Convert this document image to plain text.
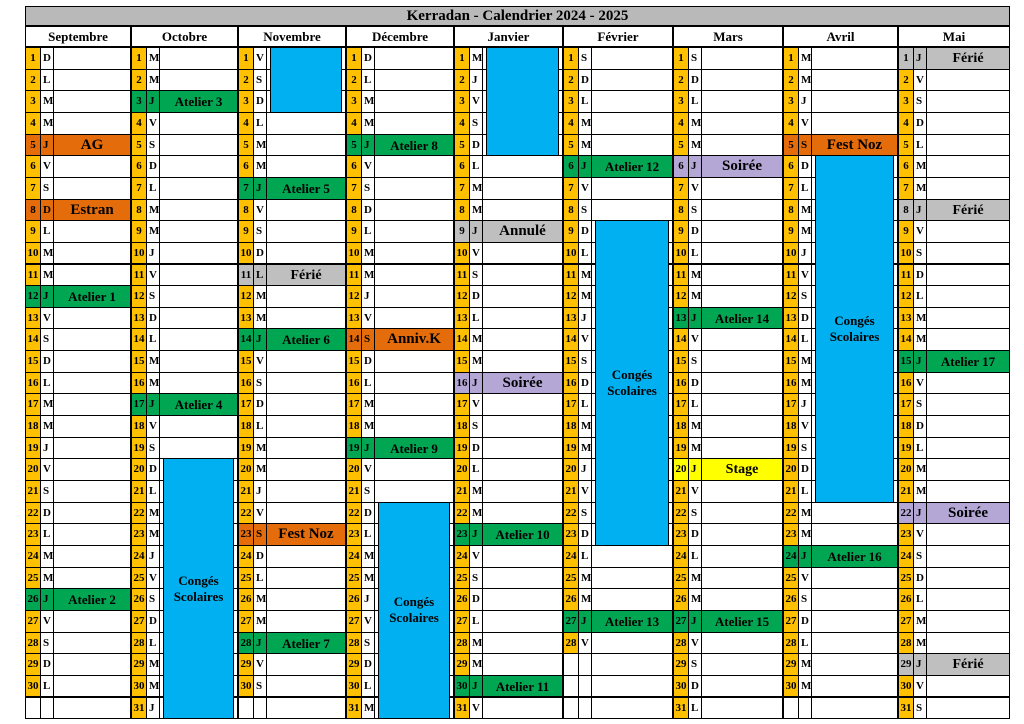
Kerradan - Calendrier 2024 - 2025
Septembre
1 D
2 L
3 M
4 M
5 J	AG
6 V
7 S
8 D	Estran
9 L
10 M
11 M
12 J	Atelier 1
13 V
14 S
15 D
16 L
17 M
18 M
19 J
20 V
21 S
22 D
23 L
24 M
25 M
26 J	Atelier 2
27 V
28 S
29 D
30 L
Octobre
1 M
2 M
3 J	Atelier 3
4 V
5 S
6 D
7 L
8 M
9 M
10 J
11 V
12 S
13 D
14 L
15 M
16 M
17 J	Atelier 4
18 V
19 S
20 D
21 L
22 M
23 M
24 J
25 V
26 S
27 D
28 L
29 M
30 M
31 J
Congés Scolaires
Novembre
1 V
2 S
3 D
4 L
5 M
6 M
7 J	Atelier 5
8 V
9 S
10 D
11 L	Férié
12 M
13 M
14 J	Atelier 6
15 V
16 S
17 D
18 L
19 M
20 M
21 J
22 V
23 S	Fest Noz
24 D
25 L
26 M
27 M
28 J	Atelier 7
29 V
30 S
Décembre
1 D
2 L
3 M
4 M
5 J	Atelier 8
6 V
7 S
8 D
9 L
10 M
11 M
12 J
13 V
14 S	Anniv.K
15 D
16 L
17 M
18 M
19 J	Atelier 9
20 V
21 S
22 D
23 L
24 M
25 M
26 J
27 V
28 S
29 D
30 L
31 M
Congés Scolaires
Janvier
1 M
2 J
3 V
4 S
5 D
6 L
7 M
8 M
9 J	Annulé
10 V
11 S
12 D
13 L
14 M
15 M
16 J	Soirée
17 V
18 S
19 D
20 L
21 M
22 M
23 J	Atelier 10
24 V
25 S
26 D
27 L
28 M
29 M
30 J	Atelier 11
31 V
Février
1 S
2 D
3 L
4 M
5 M
6 J	Atelier 12
7 V
8 S
9 D
10 L
11 M
12 M
13 J
14 V
15 S
16 D
17 L
18 M
19 M
20 J
21 V
22 S
23 D
24 L
25 M
26 M
27 J	Atelier 13
28 V
Congés Scolaires
Mars
1 S
2 D
3 L
4 M
5 M
6 J	Soirée
7 V
8 S
9 D
10 L
11 M
12 M
13 J	Atelier 14
14 V
15 S
16 D
17 L
18 M
19 M
20 J	Stage
21 V
22 S
23 D
24 L
25 M
26 M
27 J	Atelier 15
28 V
29 S
30 D
31 L
Avril
1 M
2 M
3 J
4 V
5 S	Fest Noz
6 D
7 L
8 M
9 M
10 J
11 V
12 S
13 D
14 L
15 M
16 M
17 J
18 V
19 S
20 D
21 L
22 M
23 M
24 J	Atelier 16
25 V
26 S
27 D
28 L
29 M
30 M
Congés Scolaires
Mai
1 J	Férié
2 V
3 S
4 D
5 L
6 M
7 M
8 J	Férié
9 V
10 S
11 D
12 L
13 M
14 M
15 J	Atelier 17
16 V
17 S
18 D
19 L
20 M
21 M
22 J	Soirée
23 V
24 S
25 D
26 L
27 M
28 M
29 J	Férié
30 V
31 S
